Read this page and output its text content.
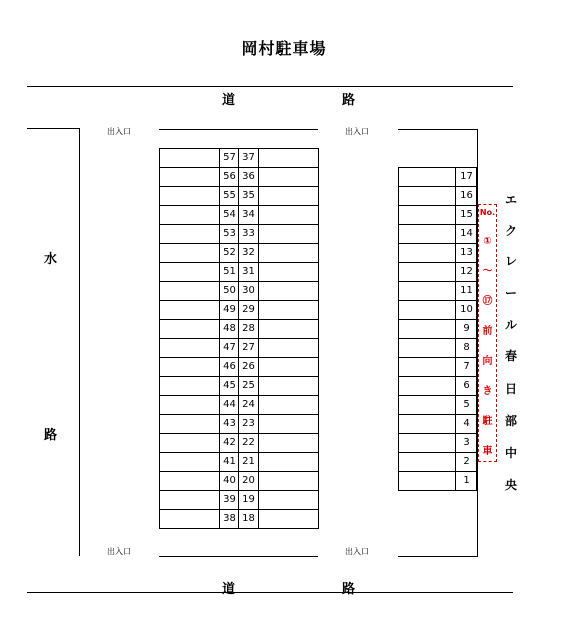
岡村駐車場
道	路
道	路
水
路
出入口	出入口
出入口	出入口
57 37
56 36
55 35
54 34
53 33
52 32
51 31
50 30
49 29
48 28
47 27
46 26
45 25
44 24
43 23
42 22
41 21
40 20
39 19
38 18
17
16
15
14
13
12
11
10
9
8
7
6
5
4
3
2
1
No.
①
〜
⑰
前
向
き
駐
車
エ
ク
レ
ー
ル
春
日
部
中
央
